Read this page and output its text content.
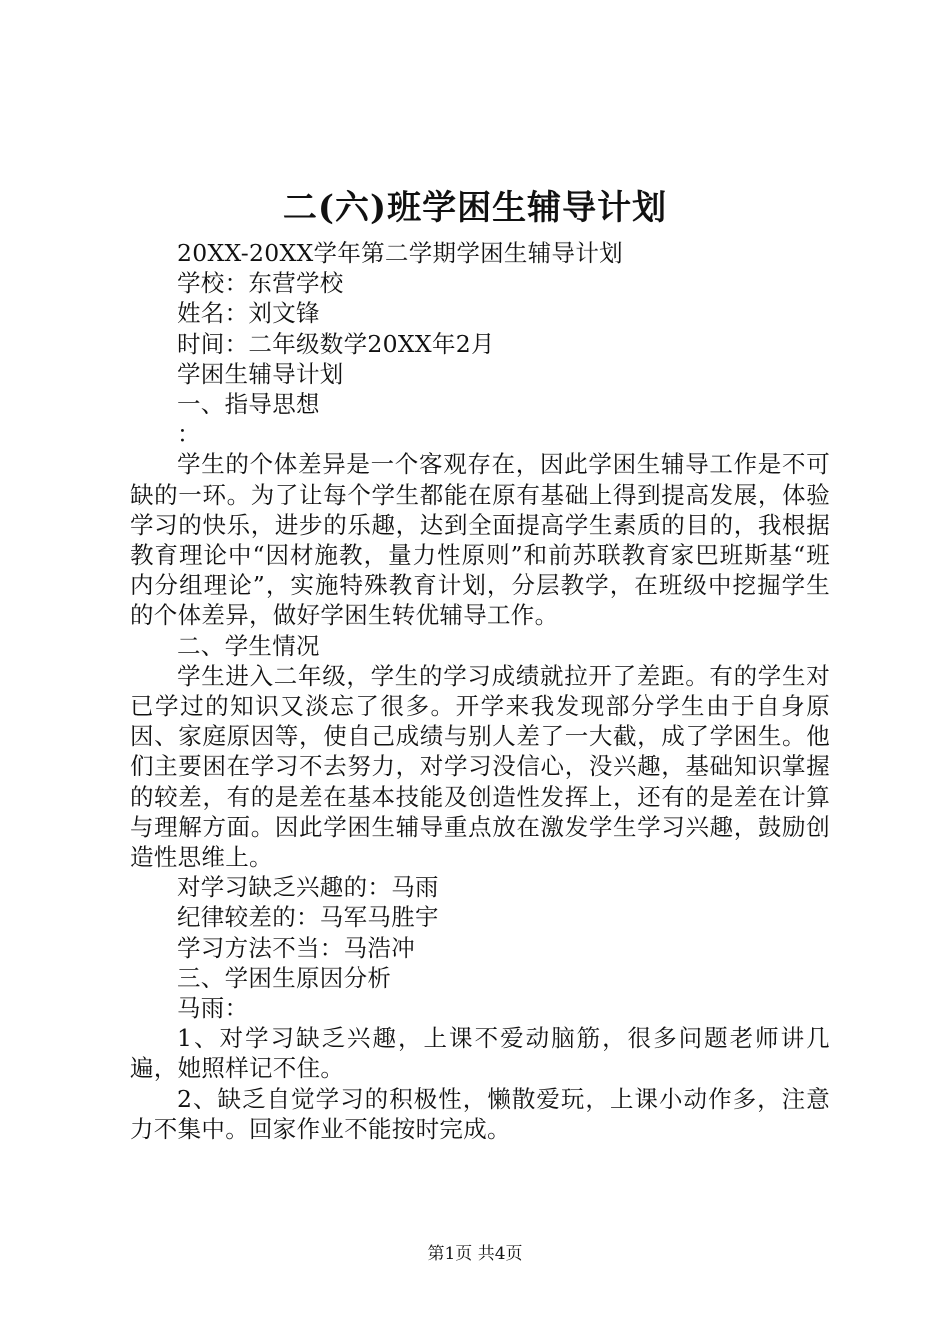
二(六)班学困生辅导计划

20XX-20XX学年第二学期学困生辅导计划

学校：东营学校

姓名：刘文锋

时间：二年级数学20XX年2月

学困生辅导计划

一、指导思想

：

学生的个体差异是一个客观存在，因此学困生辅导工作是不可缺的一环。为了让每个学生都能在原有基础上得到提高发展，体验学习的快乐，进步的乐趣，达到全面提高学生素质的目的，我根据教育理论中“因材施教，量力性原则”和前苏联教育家巴班斯基“班内分组理论”，实施特殊教育计划，分层教学，在班级中挖掘学生的个体差异，做好学困生转优辅导工作。

二、学生情况

学生进入二年级，学生的学习成绩就拉开了差距。有的学生对已学过的知识又淡忘了很多。开学来我发现部分学生由于自身原因、家庭原因等，使自己成绩与别人差了一大截，成了学困生。他们主要困在学习不去努力，对学习没信心，没兴趣，基础知识掌握的较差，有的是差在基本技能及创造性发挥上，还有的是差在计算与理解方面。因此学困生辅导重点放在激发学生学习兴趣，鼓励创造性思维上。

对学习缺乏兴趣的：马雨

纪律较差的：马军马胜宇

学习方法不当：马浩冲

三、学困生原因分析

马雨：

1、对学习缺乏兴趣，上课不爱动脑筋，很多问题老师讲几遍，她照样记不住。

2、缺乏自觉学习的积极性，懒散爱玩，上课小动作多，注意力不集中。回家作业不能按时完成。

第1页 共4页
